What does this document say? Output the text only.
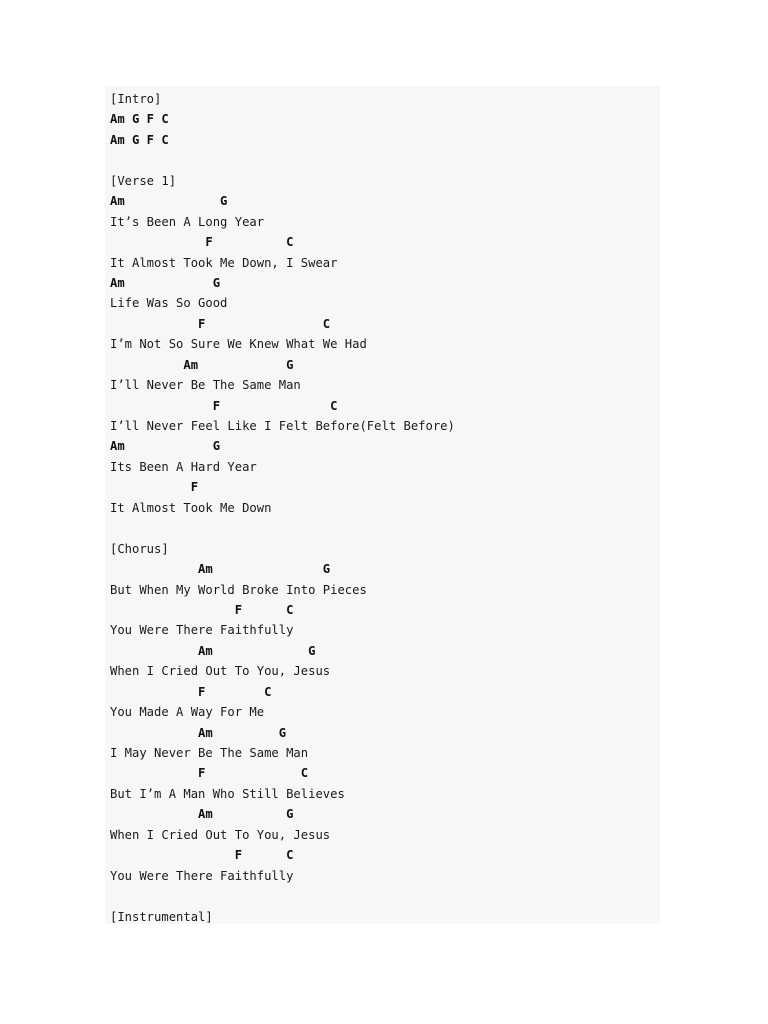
[Intro]
Am G F C
Am G F C
[Verse 1]
Am             G
It’s Been A Long Year
F          C
It Almost Took Me Down, I Swear
Am            G
Life Was So Good
F                C
I’m Not So Sure We Knew What We Had
Am            G
I’ll Never Be The Same Man
F               C
I’ll Never Feel Like I Felt Before(Felt Before)
Am            G
Its Been A Hard Year
F
It Almost Took Me Down
[Chorus]
Am               G
But When My World Broke Into Pieces
F      C
You Were There Faithfully
Am             G
When I Cried Out To You, Jesus
F        C
You Made A Way For Me
Am         G
I May Never Be The Same Man
F             C
But I’m A Man Who Still Believes
Am          G
When I Cried Out To You, Jesus
F      C
You Were There Faithfully
[Instrumental]
